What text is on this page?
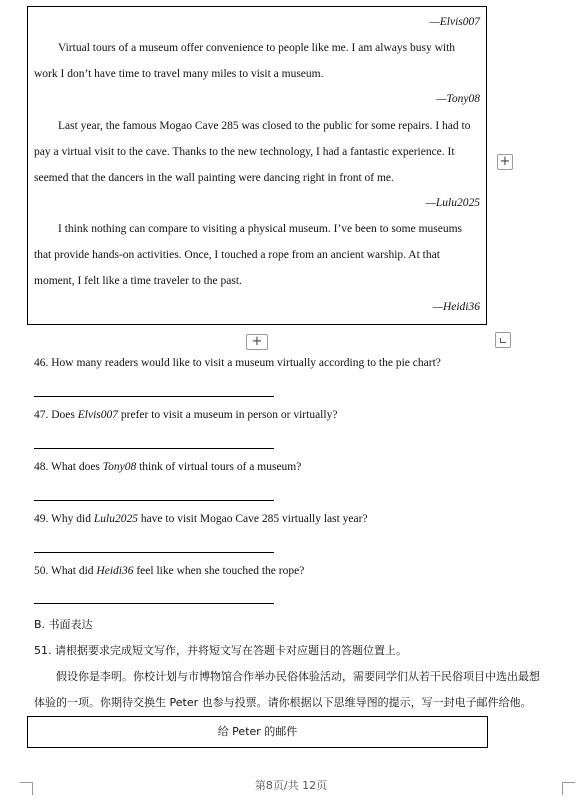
—Elvis007
Virtual tours of a museum offer convenience to people like me. I am always busy with
work I don’t have time to travel many miles to visit a museum.
—Tony08
Last year, the famous Mogao Cave 285 was closed to the public for some repairs. I had to
pay a virtual visit to the cave. Thanks to the new technology, I had a fantastic experience. It
seemed that the dancers in the wall painting were dancing right in front of me.
—Lulu2025
I think nothing can compare to visiting a physical museum. I’ve been to some museums
that provide hands-on activities. Once, I touched a rope from an ancient warship. At that
moment, I felt like a time traveler to the past.
—Heidi36
+
+
46. How many readers would like to visit a museum virtually according to the pie chart?
47. Does Elvis007 prefer to visit a museum in person or virtually?
48. What does Tony08 think of virtual tours of a museum?
49. Why did Lulu2025 have to visit Mogao Cave 285 virtually last year?
50. What did Heidi36 feel like when she touched the rope?
B. 书面表达
51. 请根据要求完成短文写作，并将短文写在答题卡对应题目的答题位置上。
假设你是李明。你校计划与市博物馆合作举办民俗体验活动，需要同学们从若干民俗项目中选出最想
体验的一项。你期待交换生 Peter 也参与投票。请你根据以下思维导图的提示，写一封电子邮件给他。
给 Peter 的邮件
第8页/共 12页
